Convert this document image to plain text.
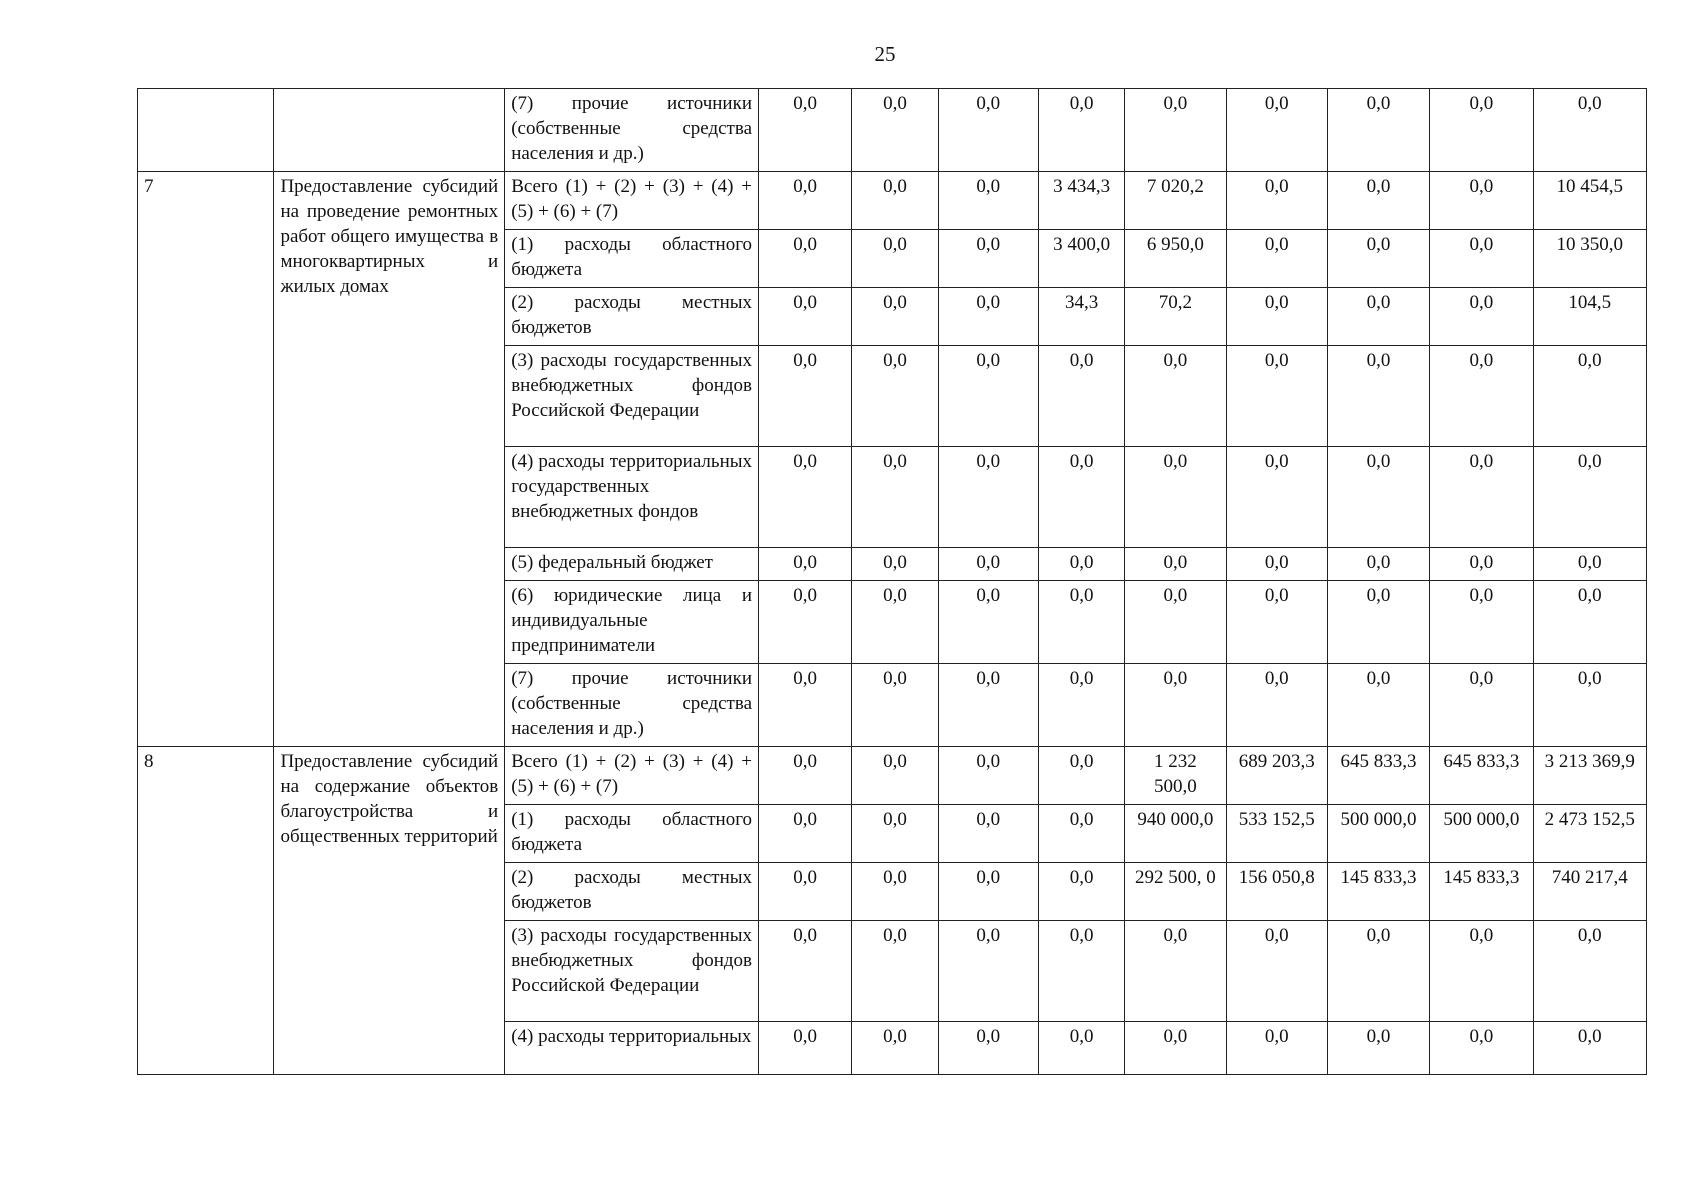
25
		(7) прочие источники (собственные средства населения и др.)	0,0	0,0	0,0	0,0	0,0	0,0	0,0	0,0	0,0
7	Предоставление субсидий на проведение ремонтных работ общего имущества в многоквартирных и жилых домах	Всего (1) + (2) + (3) + (4) + (5) + (6) + (7)	0,0	0,0	0,0	3 434,3	7 020,2	0,0	0,0	0,0	10 454,5
		(1) расходы областного бюджета	0,0	0,0	0,0	3 400,0	6 950,0	0,0	0,0	0,0	10 350,0
		(2) расходы местных бюджетов	0,0	0,0	0,0	34,3	70,2	0,0	0,0	0,0	104,5
		(3) расходы государственных внебюджетных фондов Российской Федерации	0,0	0,0	0,0	0,0	0,0	0,0	0,0	0,0	0,0
		(4) расходы территориальных государственных внебюджетных фондов	0,0	0,0	0,0	0,0	0,0	0,0	0,0	0,0	0,0
		(5) федеральный бюджет	0,0	0,0	0,0	0,0	0,0	0,0	0,0	0,0	0,0
		(6) юридические лица и индивидуальные предприниматели	0,0	0,0	0,0	0,0	0,0	0,0	0,0	0,0	0,0
		(7) прочие источники (собственные средства населения и др.)	0,0	0,0	0,0	0,0	0,0	0,0	0,0	0,0	0,0
8	Предоставление субсидий на содержание объектов благоустройства и общественных территорий	Всего (1) + (2) + (3) + (4) + (5) + (6) + (7)	0,0	0,0	0,0	0,0	1 232 500,0	689 203,3	645 833,3	645 833,3	3 213 369,9
		(1) расходы областного бюджета	0,0	0,0	0,0	0,0	940 000,0	533 152,5	500 000,0	500 000,0	2 473 152,5
		(2) расходы местных бюджетов	0,0	0,0	0,0	0,0	292 500, 0	156 050,8	145 833,3	145 833,3	740 217,4
		(3) расходы государственных внебюджетных фондов Российской Федерации	0,0	0,0	0,0	0,0	0,0	0,0	0,0	0,0	0,0
		(4) расходы территориальных	0,0	0,0	0,0	0,0	0,0	0,0	0,0	0,0	0,0
